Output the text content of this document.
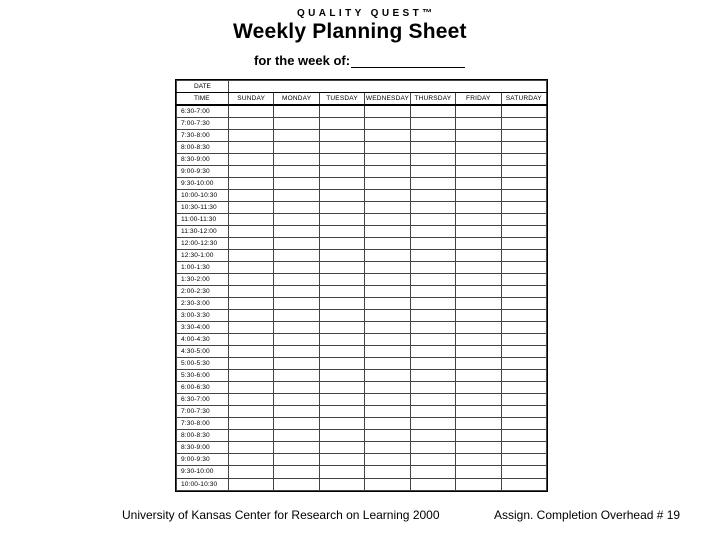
QUALITY QUEST™
Weekly Planning Sheet
for the week of:
DATE							
TIME	SUNDAY	MONDAY	TUESDAY	WEDNESDAY	THURSDAY	FRIDAY	SATURDAY
6:30-7:00							
7:00-7:30							
7:30-8:00							
8:00-8:30							
8:30-9:00							
9:00-9:30							
9:30-10:00							
10:00-10:30							
10:30-11:30							
11:00-11:30							
11:30-12:00							
12:00-12:30							
12:30-1:00							
1:00-1:30							
1:30-2:00							
2:00-2:30							
2:30-3:00							
3:00-3:30							
3:30-4:00							
4:00-4:30							
4:30-5:00							
5:00-5:30							
5:30-6:00							
6:00-6:30							
6:30-7:00							
7:00-7:30							
7:30-8:00							
8:00-8:30							
8:30-9:00							
9:00-9:30							
9:30-10:00							
10:00-10:30							
University of Kansas Center for Research on Learning 2000	Assign. Completion Overhead # 19
